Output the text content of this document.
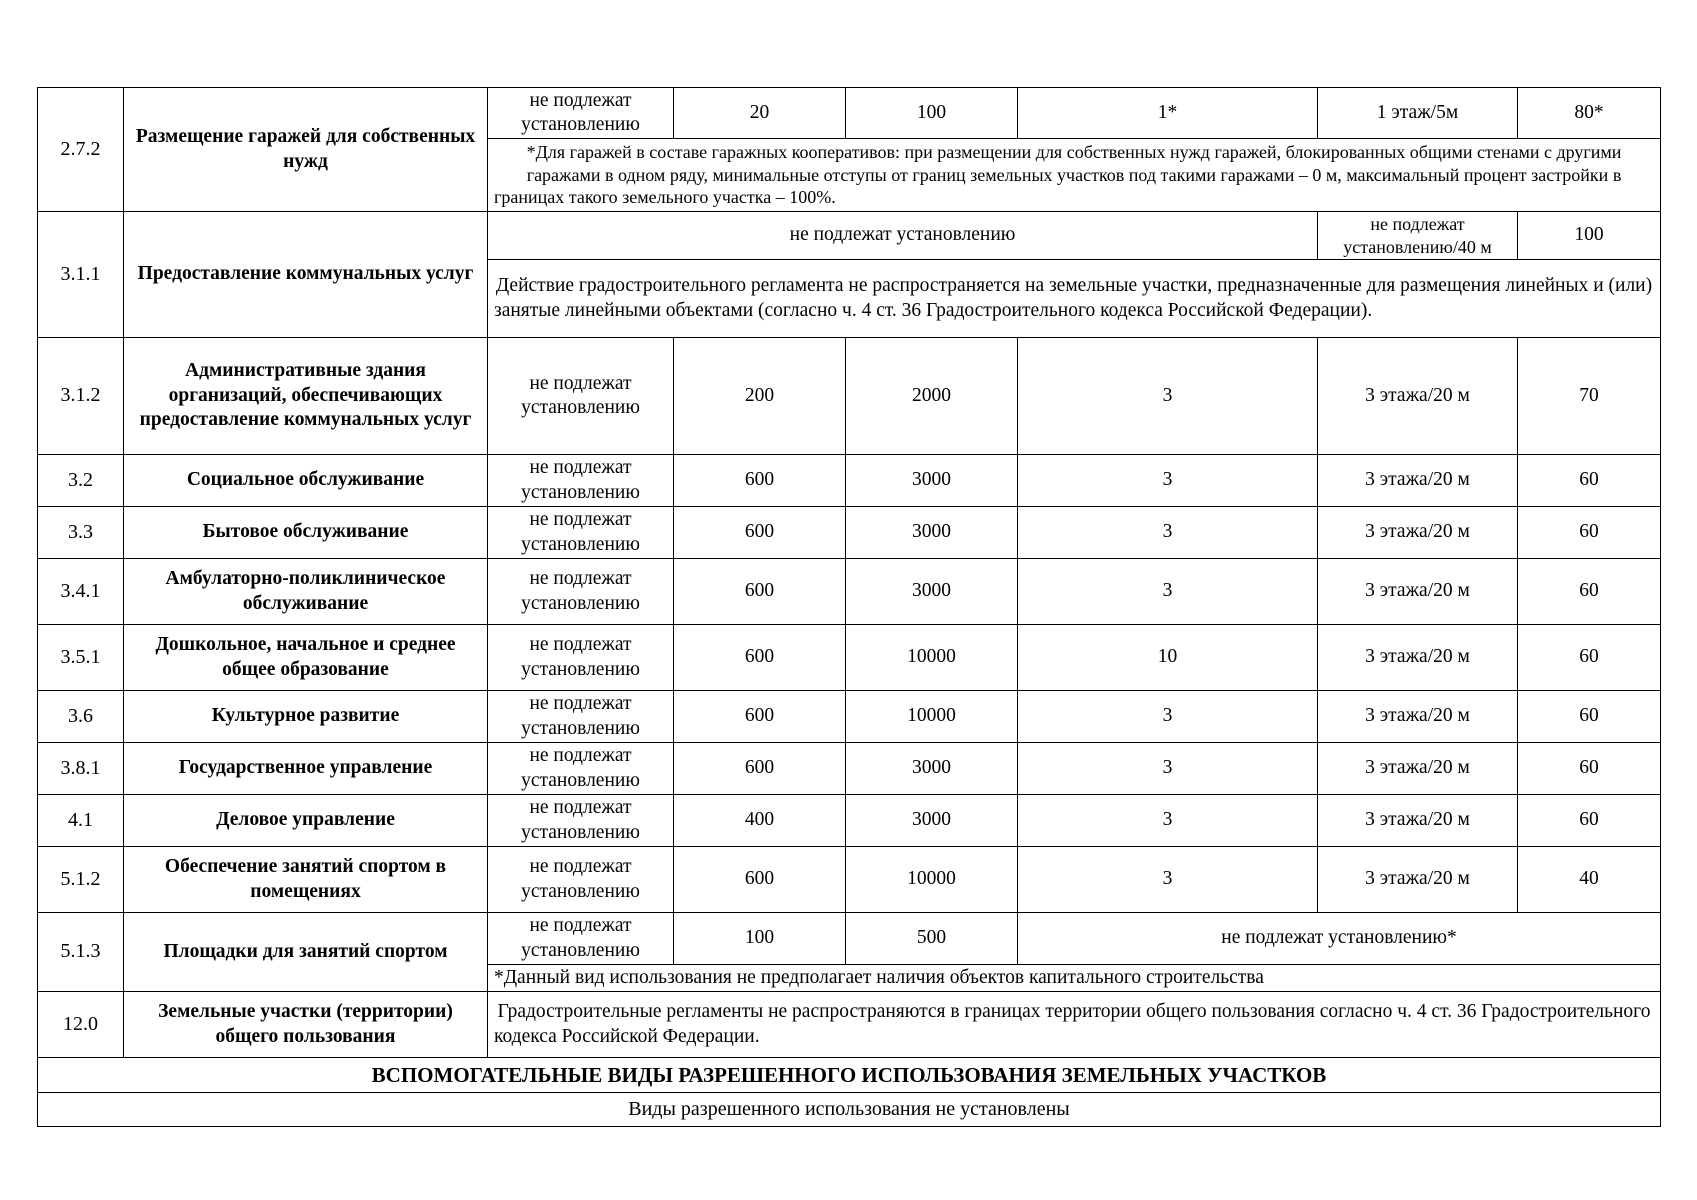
2.7.2	Размещение гаражей для собственных нужд	не подлежат установлению	20	100	1*	1 этаж/5м	80*
		*Для гаражей в составе гаражных кооперативов: при размещении для собственных нужд гаражей, блокированных общими стенами с другими гаражами в одном ряду, минимальные отступы от границ земельных участков под такими гаражами – 0 м, максимальный процент застройки в границах такого земельного участка – 100%.					
3.1.1	Предоставление коммунальных услуг	не подлежат установлению				не подлежат установлению/40 м	100
		Действие градостроительного регламента не распространяется на земельные участки, предназначенные для размещения линейных и (или) занятые линейными объектами (согласно ч. 4 ст. 36 Градостроительного кодекса Российской Федерации).					
3.1.2	Административные здания организаций, обеспечивающих предоставление коммунальных услуг	не подлежат установлению	200	2000	3	3 этажа/20 м	70
3.2	Социальное обслуживание	не подлежат установлению	600	3000	3	3 этажа/20 м	60
3.3	Бытовое обслуживание	не подлежат установлению	600	3000	3	3 этажа/20 м	60
3.4.1	Амбулаторно-поликлиническое обслуживание	не подлежат установлению	600	3000	3	3 этажа/20 м	60
3.5.1	Дошкольное, начальное и среднее общее образование	не подлежат установлению	600	10000	10	3 этажа/20 м	60
3.6	Культурное развитие	не подлежат установлению	600	10000	3	3 этажа/20 м	60
3.8.1	Государственное управление	не подлежат установлению	600	3000	3	3 этажа/20 м	60
4.1	Деловое управление	не подлежат установлению	400	3000	3	3 этажа/20 м	60
5.1.2	Обеспечение занятий спортом в помещениях	не подлежат установлению	600	10000	3	3 этажа/20 м	40
5.1.3	Площадки для занятий спортом	не подлежат установлению	100	500	не подлежат установлению*		
		*Данный вид использования не предполагает наличия объектов капитального строительства					
12.0	Земельные участки (территории) общего пользования	Градостроительные регламенты не распространяются в границах территории общего пользования согласно ч. 4 ст. 36 Градостроительного кодекса Российской Федерации.					
ВСПОМОГАТЕЛЬНЫЕ ВИДЫ РАЗРЕШЕННОГО ИСПОЛЬЗОВАНИЯ ЗЕМЕЛЬНЫХ УЧАСТКОВ							
Виды разрешенного использования не установлены							
